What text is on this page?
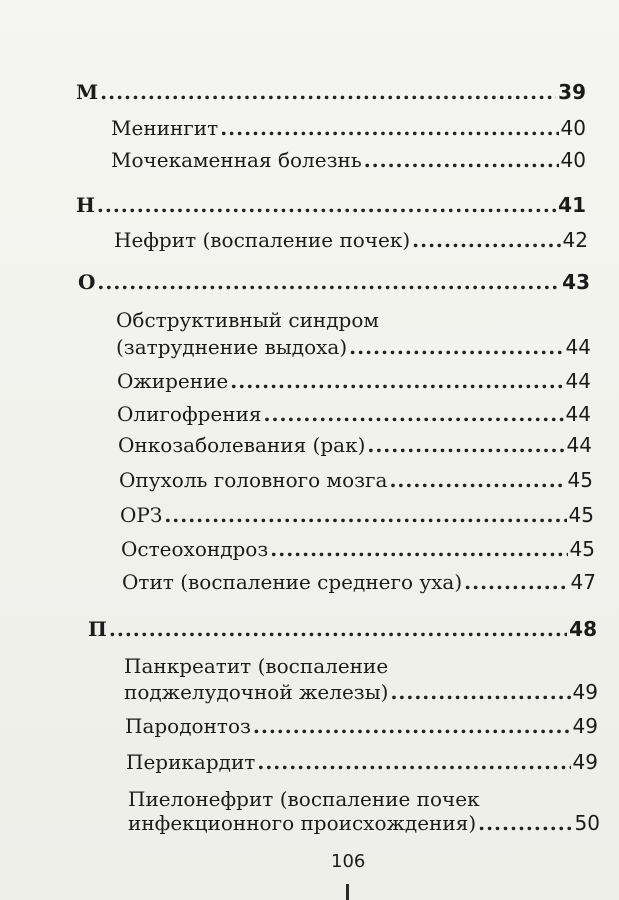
М .....	39
Менингит .....	40
Мочекаменная болезнь .....	40
Н .....	41
Нефрит (воспаление почек) .....	42
О .....	43
Обструктивный синдром
(затруднение выдоха) .....	44
Ожирение .....	44
Олигофрения .....	44
Онкозаболевания (рак) .....	44
Опухоль головного мозга .....	45
ОРЗ .....	45
Остеохондроз .....	45
Отит (воспаление среднего уха) .....	47
П .....	48
Панкреатит (воспаление
поджелудочной железы) .....	49
Пародонтоз .....	49
Перикардит .....	49
Пиелонефрит (воспаление почек
инфекционного происхождения) .....	50
106
